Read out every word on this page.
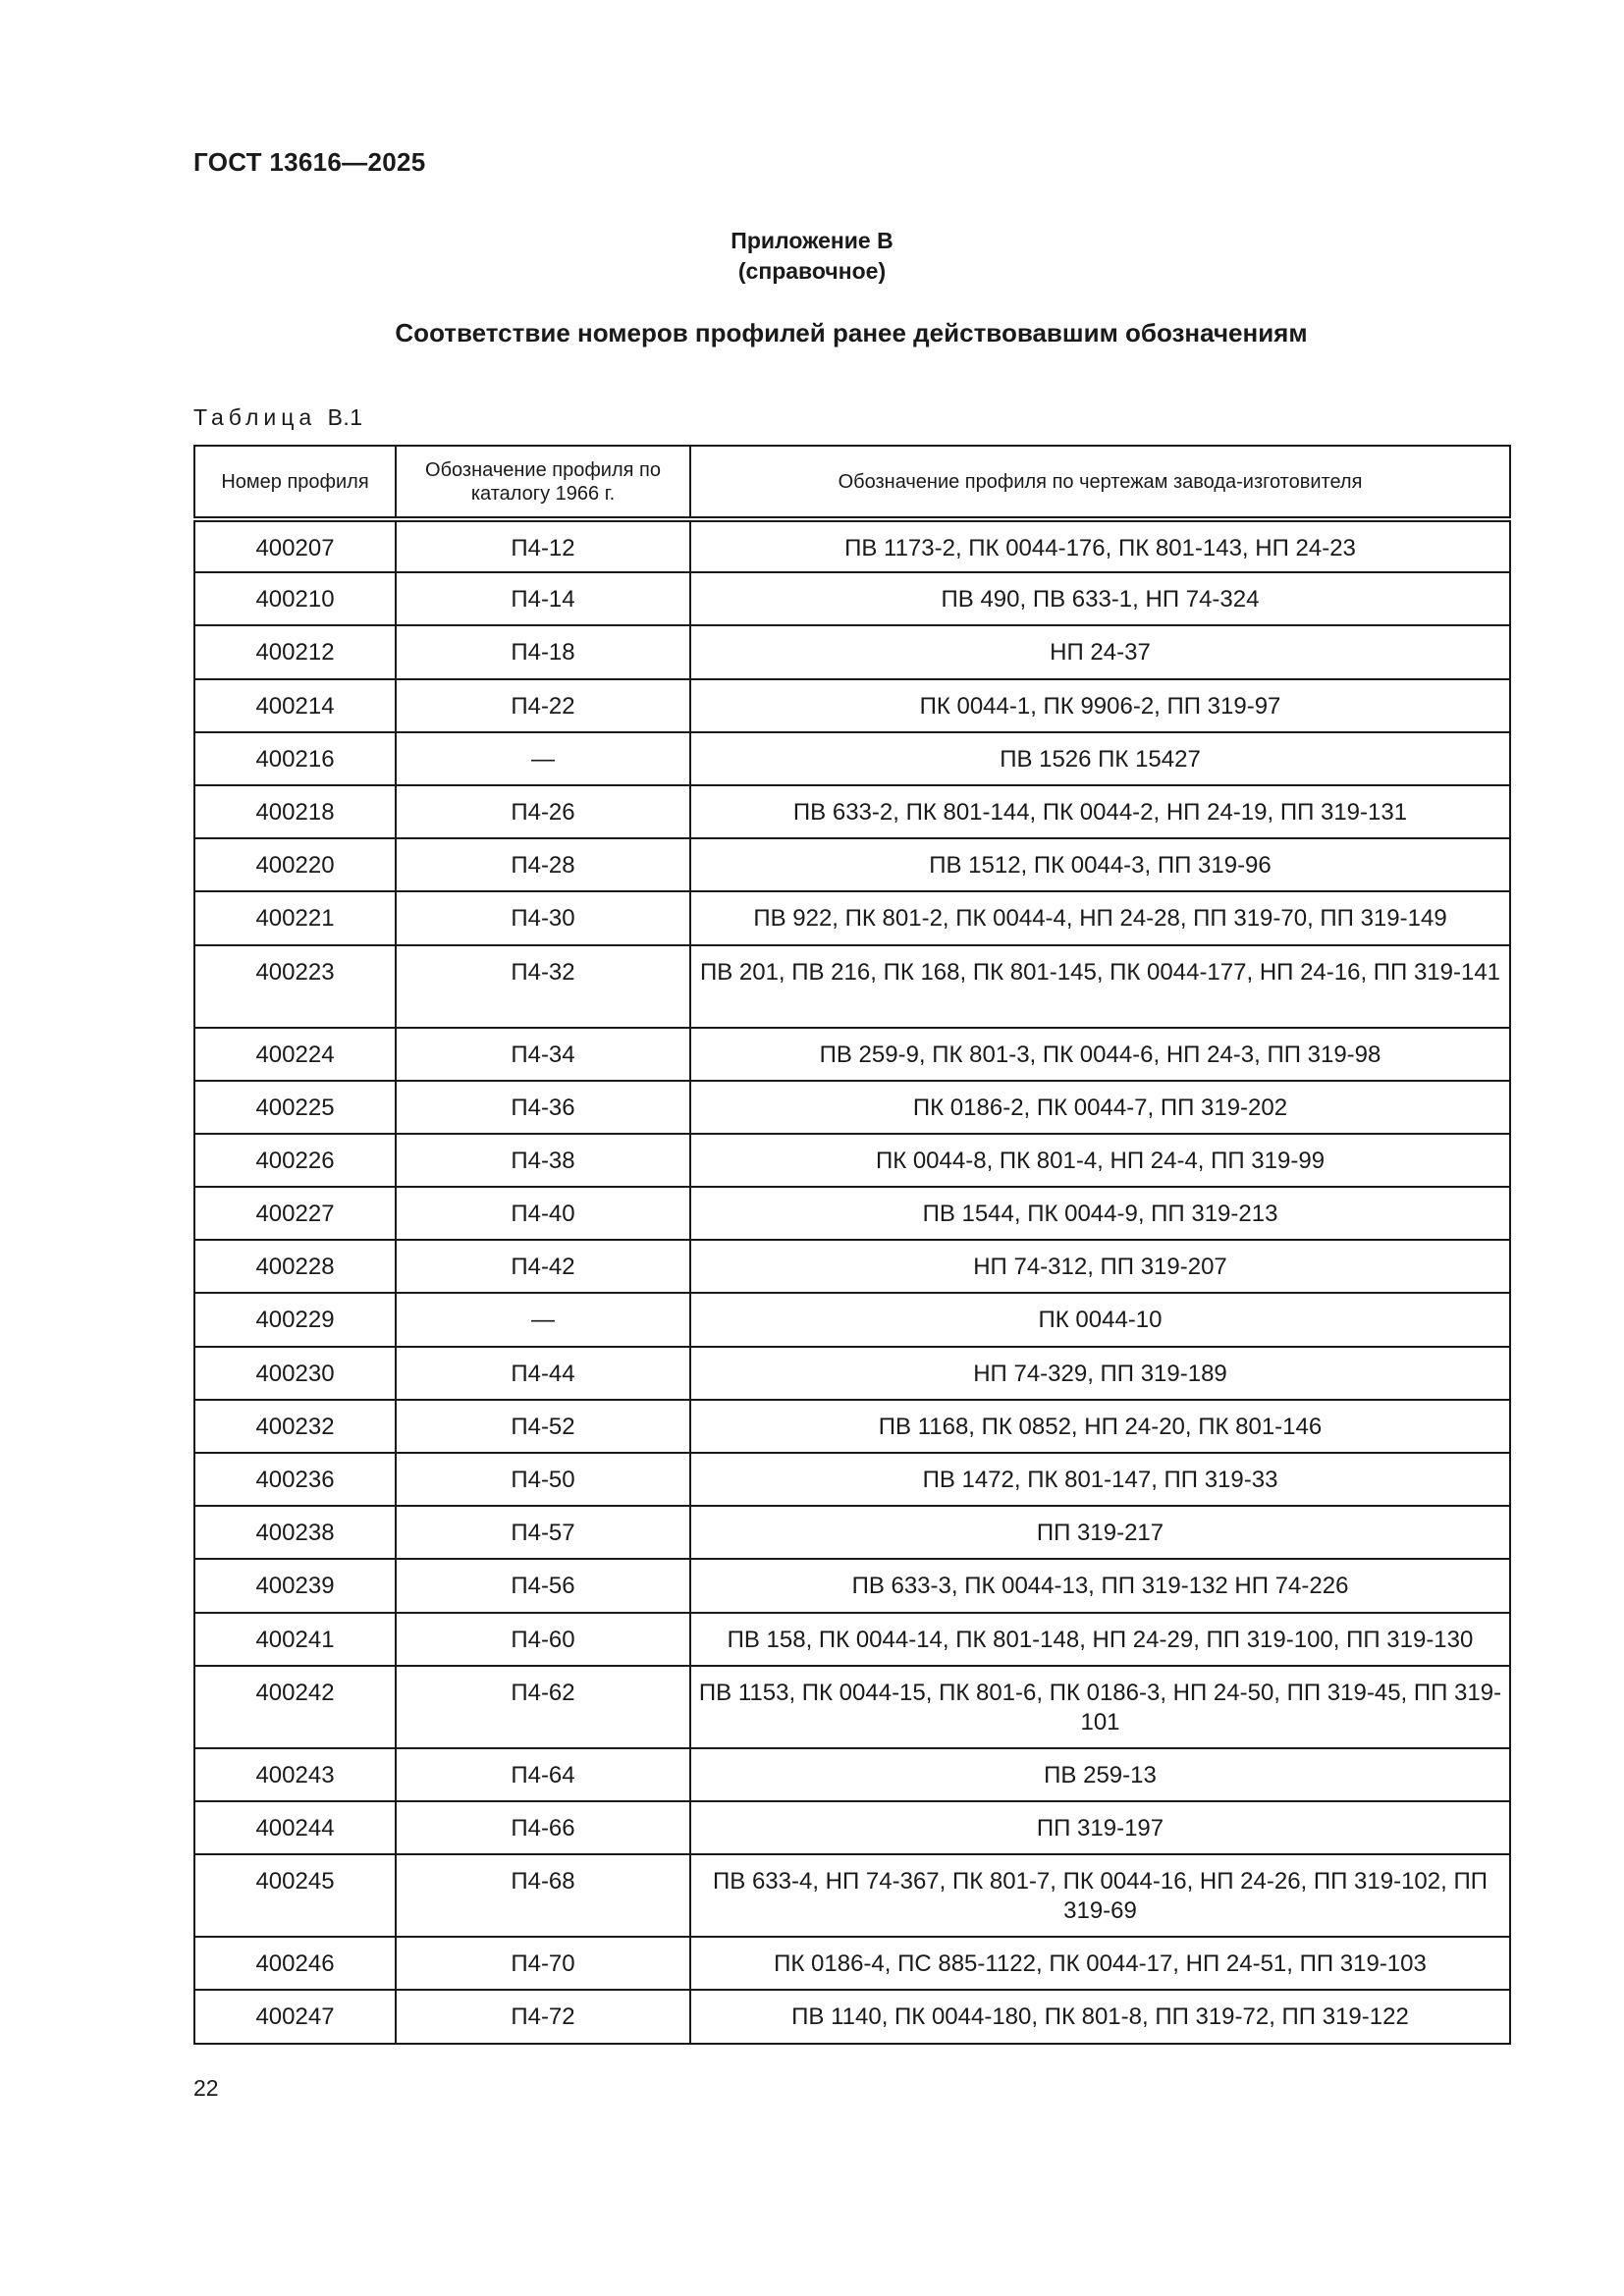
ГОСТ 13616—2025
Приложение В
(справочное)
Соответствие номеров профилей ранее действовавшим обозначениям
Таблица В.1
Номер профиля	Обозначение профиля по каталогу 1966 г.	Обозначение профиля по чертежам завода-изготовителя
400207	П4-12	ПВ 1173-2, ПК 0044-176, ПК 801-143, НП 24-23
400210	П4-14	ПВ 490, ПВ 633-1, НП 74-324
400212	П4-18	НП 24-37
400214	П4-22	ПК 0044-1, ПК 9906-2, ПП 319-97
400216	—	ПВ 1526 ПК 15427
400218	П4-26	ПВ 633-2, ПК 801-144, ПК 0044-2, НП 24-19, ПП 319-131
400220	П4-28	ПВ 1512, ПК 0044-3, ПП 319-96
400221	П4-30	ПВ 922, ПК 801-2, ПК 0044-4, НП 24-28, ПП 319-70, ПП 319-149
400223	П4-32	ПВ 201, ПВ 216, ПК 168, ПК 801-145, ПК 0044-177, НП 24-16, ПП 319-141
400224	П4-34	ПВ 259-9, ПК 801-3, ПК 0044-6, НП 24-3, ПП 319-98
400225	П4-36	ПК 0186-2, ПК 0044-7, ПП 319-202
400226	П4-38	ПК 0044-8, ПК 801-4, НП 24-4, ПП 319-99
400227	П4-40	ПВ 1544, ПК 0044-9, ПП 319-213
400228	П4-42	НП 74-312, ПП 319-207
400229	—	ПК 0044-10
400230	П4-44	НП 74-329, ПП 319-189
400232	П4-52	ПВ 1168, ПК 0852, НП 24-20, ПК 801-146
400236	П4-50	ПВ 1472, ПК 801-147, ПП 319-33
400238	П4-57	ПП 319-217
400239	П4-56	ПВ 633-3, ПК 0044-13, ПП 319-132 НП 74-226
400241	П4-60	ПВ 158, ПК 0044-14, ПК 801-148, НП 24-29, ПП 319-100, ПП 319-130
400242	П4-62	ПВ 1153, ПК 0044-15, ПК 801-6, ПК 0186-3, НП 24-50, ПП 319-45, ПП 319-101
400243	П4-64	ПВ 259-13
400244	П4-66	ПП 319-197
400245	П4-68	ПВ 633-4, НП 74-367, ПК 801-7, ПК 0044-16, НП 24-26, ПП 319-102, ПП 319-69
400246	П4-70	ПК 0186-4, ПС 885-1122, ПК 0044-17, НП 24-51, ПП 319-103
400247	П4-72	ПВ 1140, ПК 0044-180, ПК 801-8, ПП 319-72, ПП 319-122
22
